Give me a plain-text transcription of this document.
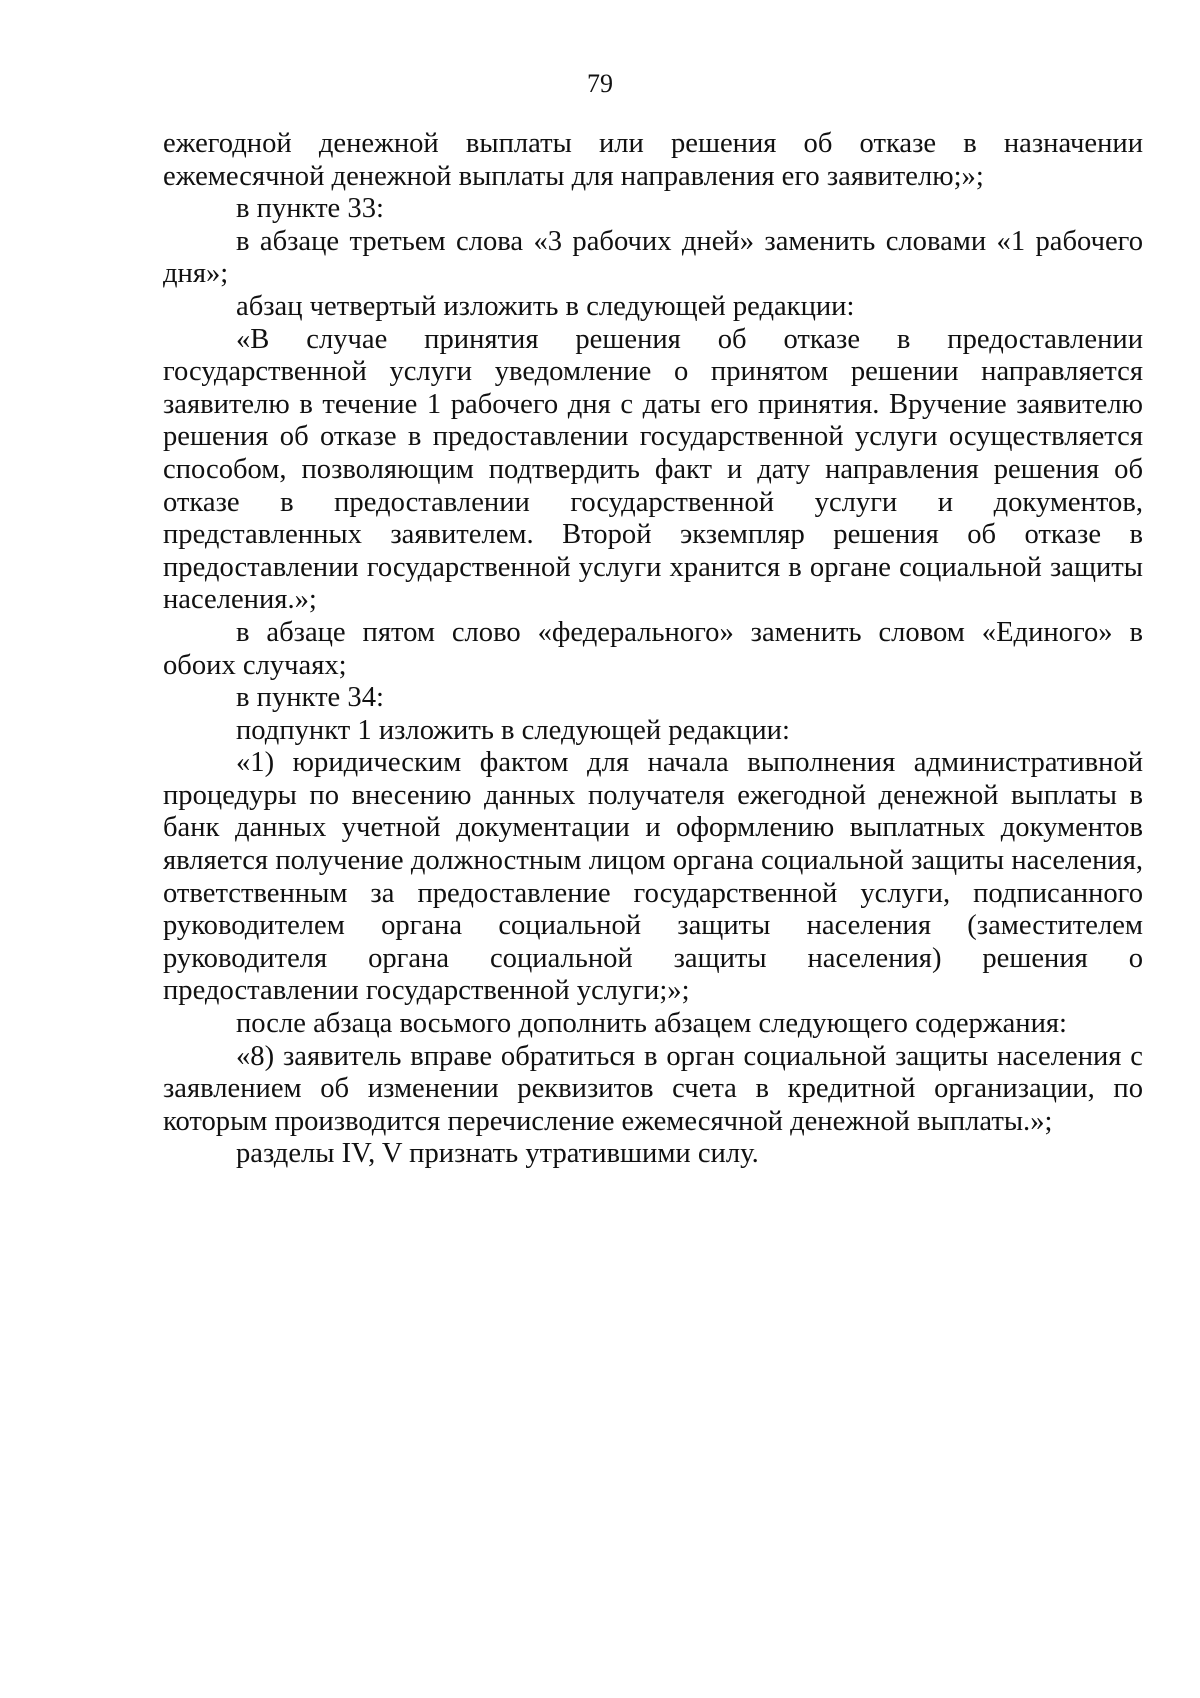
79

ежегодной денежной выплаты или решения об отказе в назначении ежемесячной денежной выплаты для направления его заявителю;»;

в пункте 33:

в абзаце третьем слова «3 рабочих дней» заменить словами «1 рабочего дня»;

абзац четвертый изложить в следующей редакции:

«В случае принятия решения об отказе в предоставлении государственной услуги уведомление о принятом решении направляется заявителю в течение 1 рабочего дня с даты его принятия. Вручение заявителю решения об отказе в предоставлении государственной услуги осуществляется способом, позволяющим подтвердить факт и дату направления решения об отказе в предоставлении государственной услуги и документов, представленных заявителем. Второй экземпляр решения об отказе в предоставлении государственной услуги хранится в органе социальной защиты населения.»;

в абзаце пятом слово «федерального» заменить словом «Единого» в обоих случаях;

в пункте 34:

подпункт 1 изложить в следующей редакции:

«1) юридическим фактом для начала выполнения административной процедуры по внесению данных получателя ежегодной денежной выплаты в банк данных учетной документации и оформлению выплатных документов является получение должностным лицом органа социальной защиты населения, ответственным за предоставление государственной услуги, подписанного руководителем органа социальной защиты населения (заместителем руководителя органа социальной защиты населения) решения о предоставлении государственной услуги;»;

после абзаца восьмого дополнить абзацем следующего содержания:

«8) заявитель вправе обратиться в орган социальной защиты населения с заявлением об изменении реквизитов счета в кредитной организации, по которым производится перечисление ежемесячной денежной выплаты.»;

разделы IV, V признать утратившими силу.
